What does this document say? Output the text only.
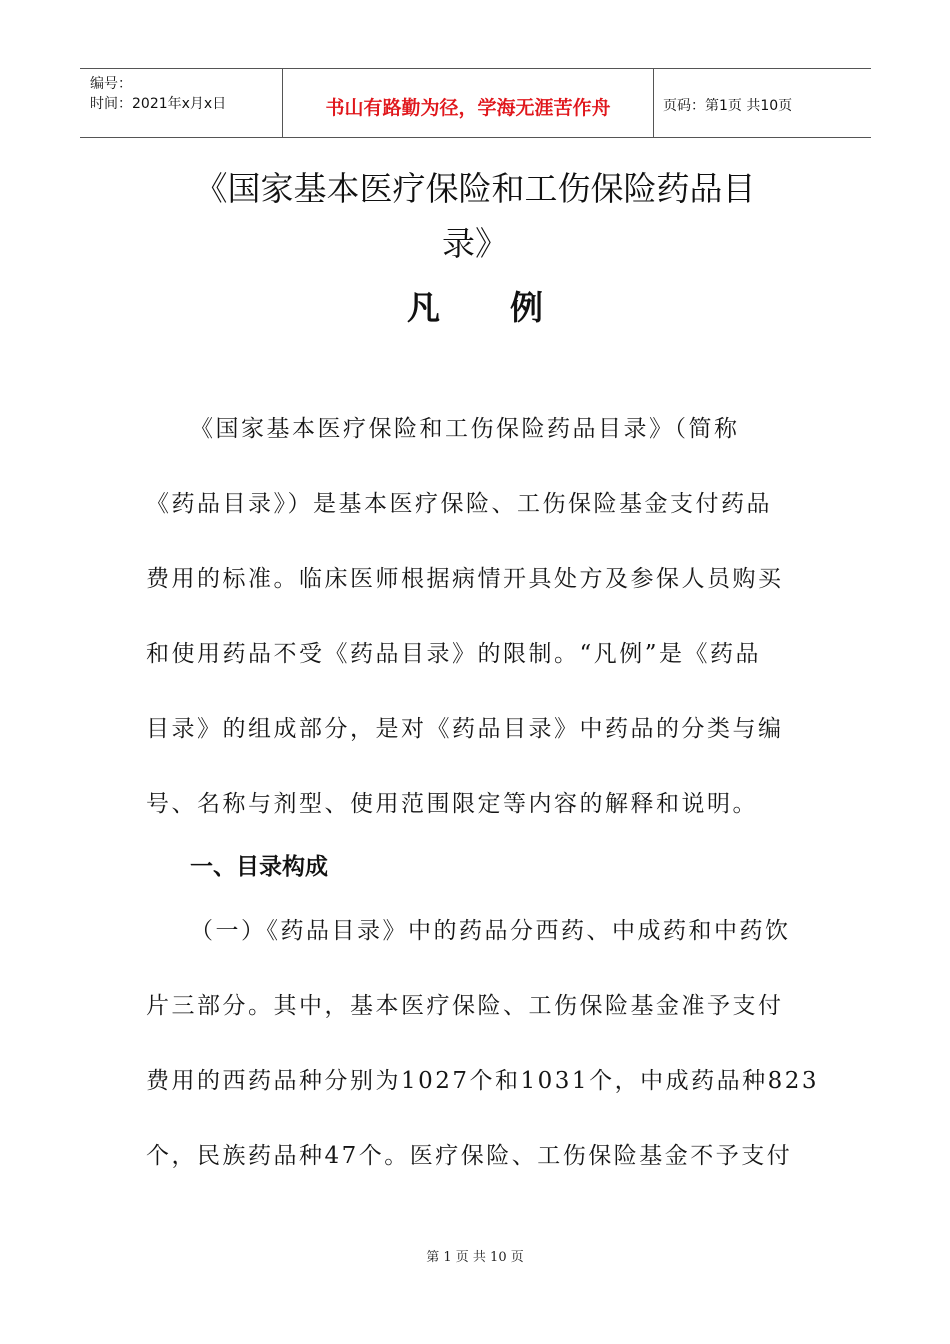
编号：
时间：2021年x月x日	书山有路勤为径，学海无涯苦作舟	页码：第1页 共10页
《国家基本医疗保险和工伤保险药品目
录》
凡例
《国家基本医疗保险和工伤保险药品目录》（简称
《药品目录》）是基本医疗保险、工伤保险基金支付药品
费用的标准。临床医师根据病情开具处方及参保人员购买
和使用药品不受《药品目录》的限制。“凡例”是《药品
目录》的组成部分，是对《药品目录》中药品的分类与编
号、名称与剂型、使用范围限定等内容的解释和说明。
一、目录构成
（一）《药品目录》中的药品分西药、中成药和中药饮
片三部分。其中，基本医疗保险、工伤保险基金准予支付
费用的西药品种分别为1027个和1031个，中成药品种823
个，民族药品种47个。医疗保险、工伤保险基金不予支付
第 1 页 共 10 页
